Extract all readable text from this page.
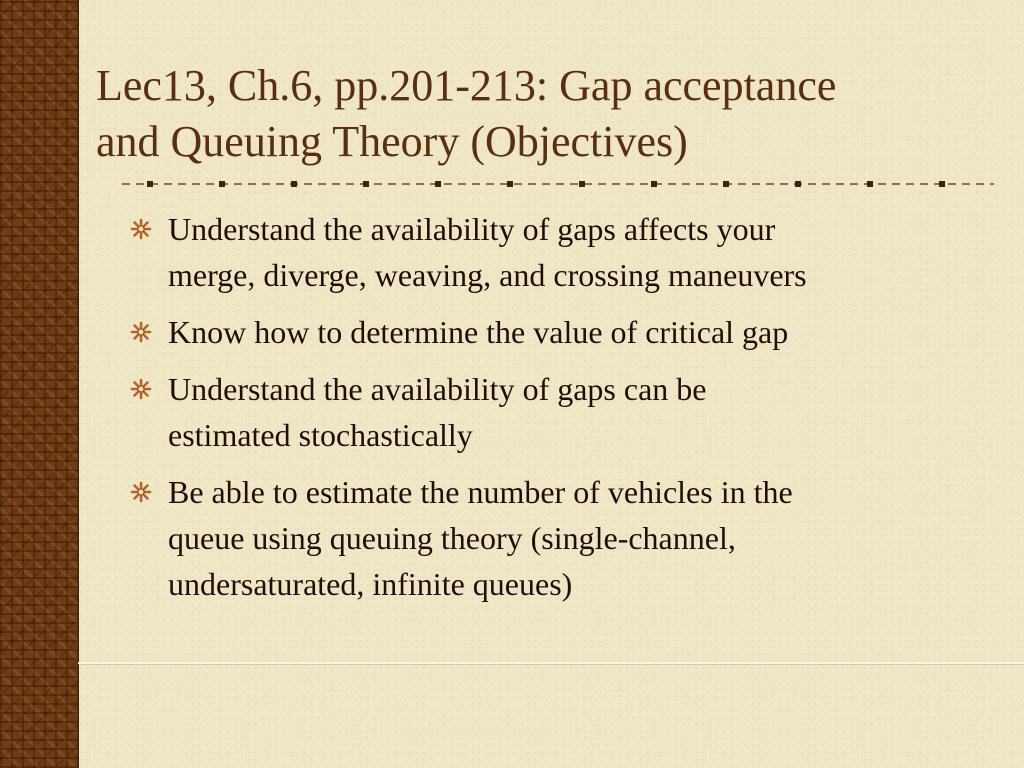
Lec13, Ch.6, pp.201-213: Gap acceptance
and Queuing Theory (Objectives)
Understand the availability of gaps affects your
merge, diverge, weaving, and crossing maneuvers
Know how to determine the value of critical gap
Understand the availability of gaps can be
estimated stochastically
Be able to estimate the number of vehicles in the
queue using queuing theory (single-channel,
undersaturated, infinite queues)
